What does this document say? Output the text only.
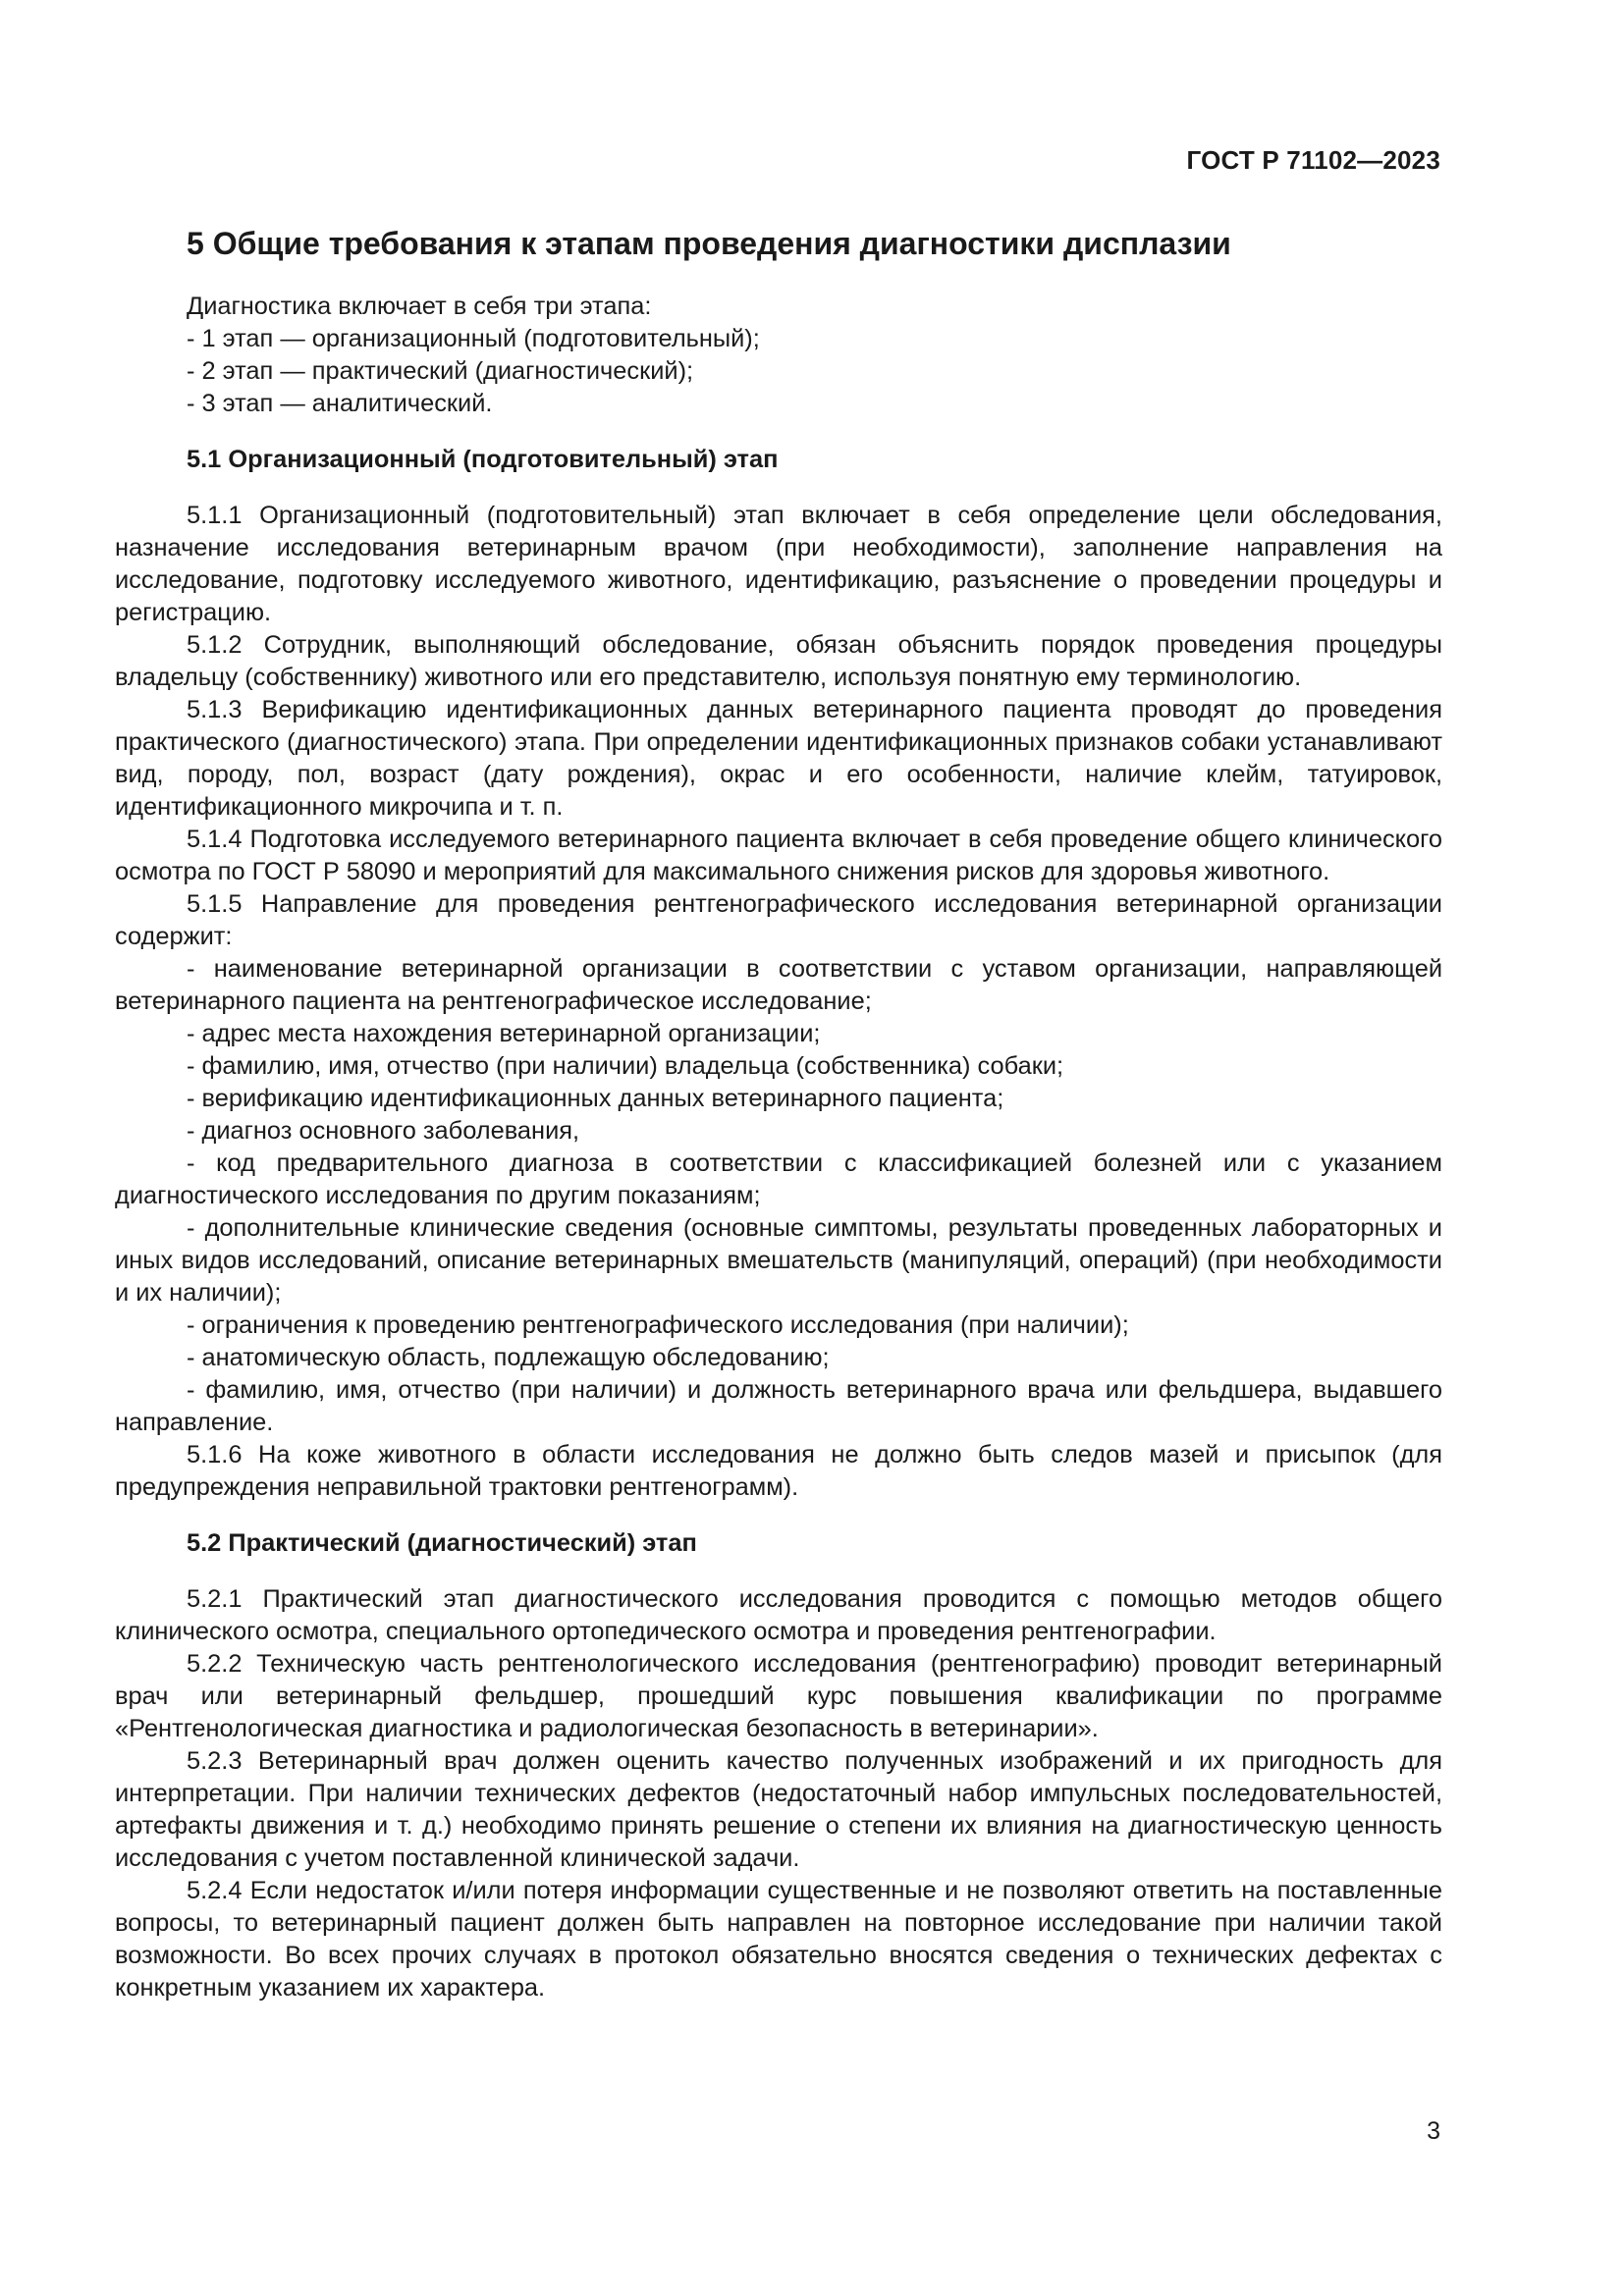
ГОСТ Р 71102—2023
5 Общие требования к этапам проведения диагностики дисплазии

Диагностика включает в себя три этапа:

- 1 этап — организационный (подготовительный);

- 2 этап — практический (диагностический);

- 3 этап — аналитический.

5.1 Организационный (подготовительный) этап

5.1.1 Организационный (подготовительный) этап включает в себя определение цели обследования, назначение исследования ветеринарным врачом (при необходимости), заполнение направления на исследование, подготовку исследуемого животного, идентификацию, разъяснение о проведении процедуры и регистрацию.

5.1.2 Сотрудник, выполняющий обследование, обязан объяснить порядок проведения процедуры владельцу (собственнику) животного или его представителю, используя понятную ему терминологию.

5.1.3 Верификацию идентификационных данных ветеринарного пациента проводят до проведения практического (диагностического) этапа. При определении идентификационных признаков собаки устанавливают вид, породу, пол, возраст (дату рождения), окрас и его особенности, наличие клейм, татуировок, идентификационного микрочипа и т. п.

5.1.4 Подготовка исследуемого ветеринарного пациента включает в себя проведение общего клинического осмотра по ГОСТ Р 58090 и мероприятий для максимального снижения рисков для здоровья животного.

5.1.5 Направление для проведения рентгенографического исследования ветеринарной организации содержит:

- наименование ветеринарной организации в соответствии с уставом организации, направляющей ветеринарного пациента на рентгенографическое исследование;

- адрес места нахождения ветеринарной организации;

- фамилию, имя, отчество (при наличии) владельца (собственника) собаки;

- верификацию идентификационных данных ветеринарного пациента;

- диагноз основного заболевания,

- код предварительного диагноза в соответствии с классификацией болезней или с указанием диагностического исследования по другим показаниям;

- дополнительные клинические сведения (основные симптомы, результаты проведенных лабораторных и иных видов исследований, описание ветеринарных вмешательств (манипуляций, операций) (при необходимости и их наличии);

- ограничения к проведению рентгенографического исследования (при наличии);

- анатомическую область, подлежащую обследованию;

- фамилию, имя, отчество (при наличии) и должность ветеринарного врача или фельдшера, выдавшего направление.

5.1.6 На коже животного в области исследования не должно быть следов мазей и присыпок (для предупреждения неправильной трактовки рентгенограмм).

5.2 Практический (диагностический) этап

5.2.1 Практический этап диагностического исследования проводится с помощью методов общего клинического осмотра, специального ортопедического осмотра и проведения рентгенографии.

5.2.2 Техническую часть рентгенологического исследования (рентгенографию) проводит ветеринарный врач или ветеринарный фельдшер, прошедший курс повышения квалификации по программе «Рентгенологическая диагностика и радиологическая безопасность в ветеринарии».

5.2.3 Ветеринарный врач должен оценить качество полученных изображений и их пригодность для интерпретации. При наличии технических дефектов (недостаточный набор импульсных последовательностей, артефакты движения и т. д.) необходимо принять решение о степени их влияния на диагностическую ценность исследования с учетом поставленной клинической задачи.

5.2.4 Если недостаток и/или потеря информации существенные и не позволяют ответить на поставленные вопросы, то ветеринарный пациент должен быть направлен на повторное исследование при наличии такой возможности. Во всех прочих случаях в протокол обязательно вносятся сведения о технических дефектах с конкретным указанием их характера.

3
